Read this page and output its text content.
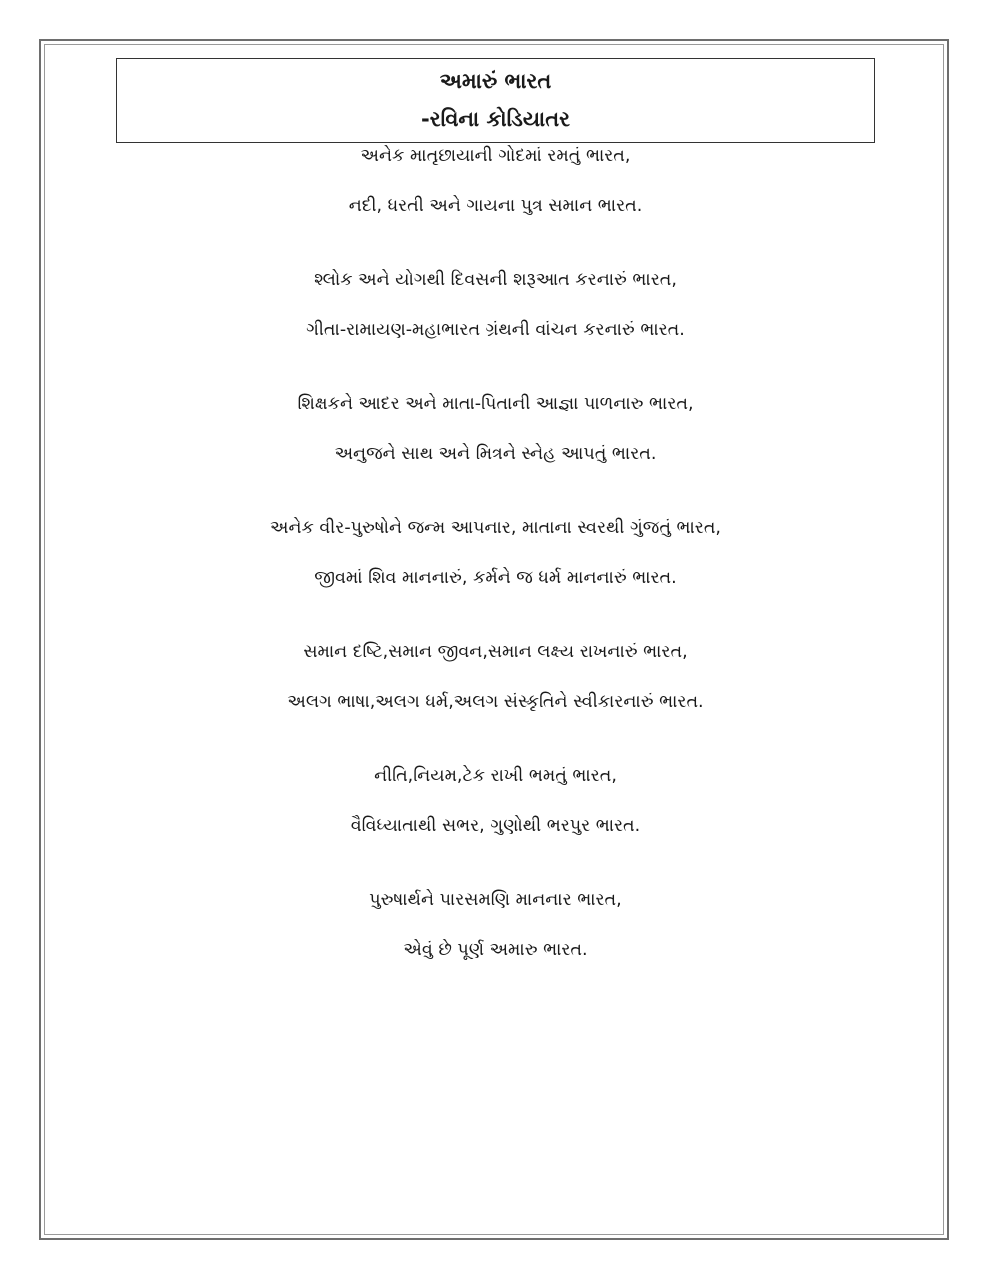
અમારું ભારત
-રવિના કોડિયાતર
અનેક માતૃછાયાની ગોદમાં રમતું ભારત,
નદી, ધરતી અને ગાયના પુત્ર સમાન ભારત.
શ્લોક અને યોગથી દિવસની શરૂઆત કરનારું ભારત,
ગીતા-રામાયણ-મહાભારત ગ્રંથની વાંચન કરનારું ભારત.
શિક્ષકને આદર અને માતા-પિતાની આજ્ઞા પાળનારુ ભારત,
અનુજને સાથ અને મિત્રને સ્નેહ આપતું ભારત.
અનેક વીર-પુરુષોને જન્મ આપનાર, માતાના સ્વરથી ગુંજતું ભારત,
જીવમાં શિવ માનનારું, કર્મને જ ધર્મ માનનારું ભારત.
સમાન દષ્ટિ,સમાન જીવન,સમાન લક્ષ્ય રાખનારું ભારત,
અલગ ભાષા,અલગ ધર્મ,અલગ સંસ્કૃતિને સ્વીકારનારું ભારત.
નીતિ,નિયમ,ટેક રાખી ભમતું ભારત,
વૈવિધ્યાતાથી સભર, ગુણોથી ભરપુર ભારત.
પુરુષાર્થને પારસમણિ માનનાર ભારત,
એવું છે પૂર્ણ અમારુ ભારત.
